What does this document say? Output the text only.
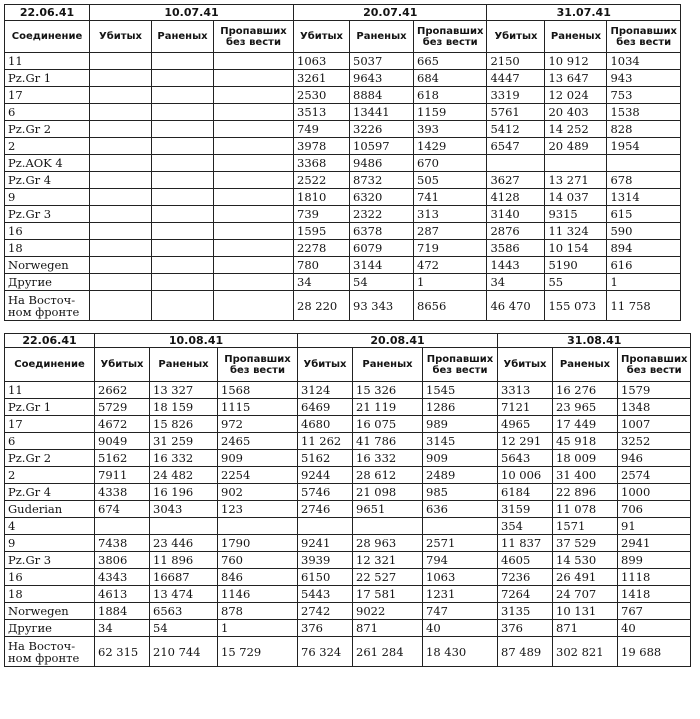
22.06.41	10.07.41			20.07.41			31.07.41		
Соединение	Убитых	Раненых	Пропавших без вести	Убитых	Раненых	Пропавших без вести	Убитых	Раненых	Пропавших без вести
11				1063	5037	665	2150	10 912	1034
Pz.Gr 1				3261	9643	684	4447	13 647	943
17				2530	8884	618	3319	12 024	753
6				3513	13441	1159	5761	20 403	1538
Pz.Gr 2				749	3226	393	5412	14 252	828
2				3978	10597	1429	6547	20 489	1954
Pz.AOK 4				3368	9486	670			
Pz.Gr 4				2522	8732	505	3627	13 271	678
9				1810	6320	741	4128	14 037	1314
Pz.Gr 3				739	2322	313	3140	9315	615
16				1595	6378	287	2876	11 324	590
18				2278	6079	719	3586	10 154	894
Norwegen				780	3144	472	1443	5190	616
Другие				34	54	1	34	55	1
На Восточ-ном фронте				28 220	93 343	8656	46 470	155 073	11 758
22.06.41	10.08.41			20.08.41			31.08.41		
Соединение	Убитых	Раненых	Пропавших без вести	Убитых	Раненых	Пропавших без вести	Убитых	Раненых	Пропавших без вести
11	2662	13 327	1568	3124	15 326	1545	3313	16 276	1579
Pz.Gr 1	5729	18 159	1115	6469	21 119	1286	7121	23 965	1348
17	4672	15 826	972	4680	16 075	989	4965	17 449	1007
6	9049	31 259	2465	11 262	41 786	3145	12 291	45 918	3252
Pz.Gr 2	5162	16 332	909	5162	16 332	909	5643	18 009	946
2	7911	24 482	2254	9244	28 612	2489	10 006	31 400	2574
Pz.Gr 4	4338	16 196	902	5746	21 098	985	6184	22 896	1000
Guderian	674	3043	123	2746	9651	636	3159	11 078	706
4							354	1571	91
9	7438	23 446	1790	9241	28 963	2571	11 837	37 529	2941
Pz.Gr 3	3806	11 896	760	3939	12 321	794	4605	14 530	899
16	4343	16687	846	6150	22 527	1063	7236	26 491	1118
18	4613	13 474	1146	5443	17 581	1231	7264	24 707	1418
Norwegen	1884	6563	878	2742	9022	747	3135	10 131	767
Другие	34	54	1	376	871	40	376	871	40
На Восточ-ном фронте	62 315	210 744	15 729	76 324	261 284	18 430	87 489	302 821	19 688
